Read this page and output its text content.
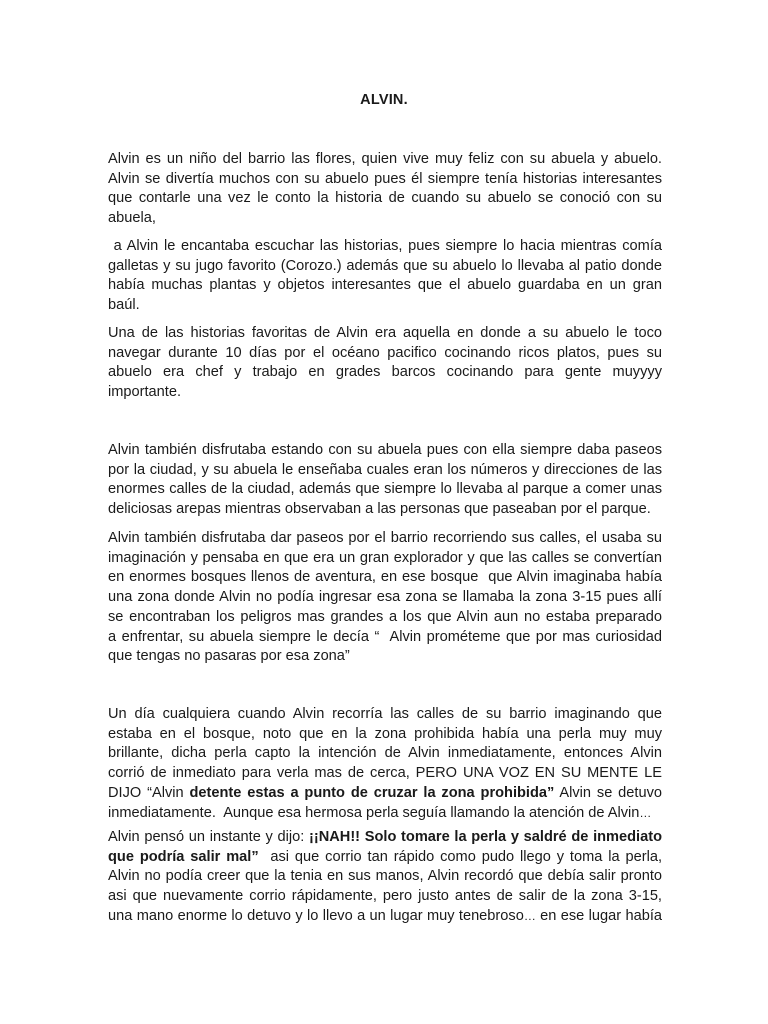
ALVIN.
Alvin es un niño del barrio las flores, quien vive muy feliz con su abuela y abuelo.
Alvin se divertía muchos con su abuelo pues él siempre tenía historias interesantes
que contarle una vez le conto la historia de cuando su abuelo se conoció con su
abuela,
a Alvin le encantaba escuchar las historias, pues siempre lo hacia mientras comía
galletas y su jugo favorito (Corozo.) además que su abuelo lo llevaba al patio donde
había muchas plantas y objetos interesantes que el abuelo guardaba en un gran
baúl.
Una de las historias favoritas de Alvin era aquella en donde a su abuelo le toco
navegar durante 10 días por el océano pacifico cocinando ricos platos, pues su
abuelo era chef y trabajo en grades barcos cocinando para gente muyyyy
importante.
Alvin también disfrutaba estando con su abuela pues con ella siempre daba paseos
por la ciudad, y su abuela le enseñaba cuales eran los números y direcciones de las
enormes calles de la ciudad, además que siempre lo llevaba al parque a comer unas
deliciosas arepas mientras observaban a las personas que paseaban por el parque.
Alvin también disfrutaba dar paseos por el barrio recorriendo sus calles, el usaba su
imaginación y pensaba en que era un gran explorador y que las calles se convertían
en enormes bosques llenos de aventura, en ese bosque  que Alvin imaginaba había
una zona donde Alvin no podía ingresar esa zona se llamaba la zona 3-15 pues allí
se encontraban los peligros mas grandes a los que Alvin aun no estaba preparado
a enfrentar, su abuela siempre le decía “  Alvin prométeme que por mas curiosidad
que tengas no pasaras por esa zona”
Un día cualquiera cuando Alvin recorría las calles de su barrio imaginando que
estaba en el bosque, noto que en la zona prohibida había una perla muy muy
brillante, dicha perla capto la intención de Alvin inmediatamente, entonces Alvin
corrió de inmediato para verla mas de cerca, PERO UNA VOZ EN SU MENTE LE
DIJO “Alvin detente estas a punto de cruzar la zona prohibida” Alvin se detuvo
inmediatamente.  Aunque esa hermosa perla seguía llamando la atención de Alvin…
Alvin pensó un instante y dijo: ¡¡NAH!! Solo tomare la perla y saldré de inmediato
que podría salir mal”  asi que corrio tan rápido como pudo llego y toma la perla,
Alvin no podía creer que la tenia en sus manos, Alvin recordó que debía salir pronto
asi que nuevamente corrio rápidamente, pero justo antes de salir de la zona 3-15,
una mano enorme lo detuvo y lo llevo a un lugar muy tenebroso… en ese lugar había
